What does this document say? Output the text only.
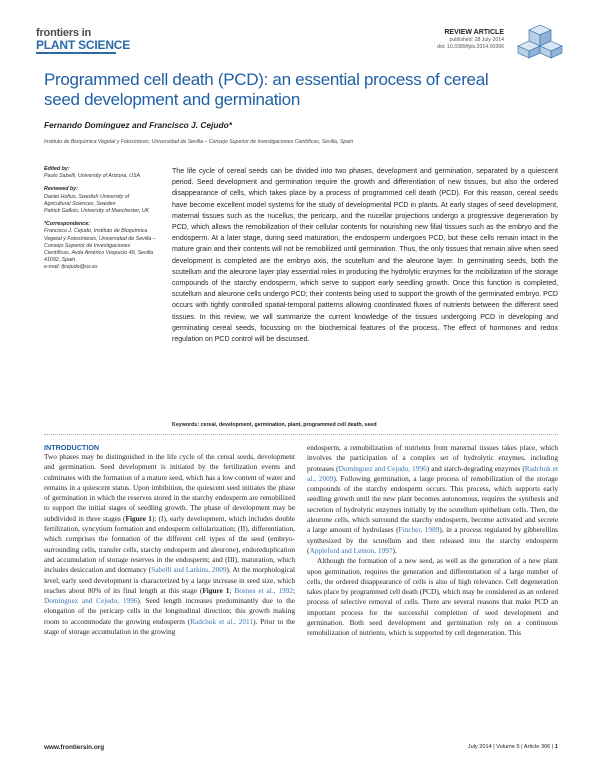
frontiers in
PLANT SCIENCE
REVIEW ARTICLE
published: 28 July 2014
doi: 10.3389/fpls.2014.00366
Programmed cell death (PCD): an essential process of cereal seed development and germination
Fernando Domínguez and Francisco J. Cejudo*
Instituto de Bioquímica Vegetal y Fotosíntesis, Universidad de Sevilla – Consejo Superior de Investigaciones Científicas, Sevilla, Spain
Edited by:
Paolo Sabelli, University of Arizona, USA
Reviewed by:
Daniel Hofius, Swedish University of Agricultural Sciences, Sweden
Patrick Gallois, University of Manchester, UK
*Correspondence:
Francisco J. Cejudo, Instituto de Bioquímica Vegetal y Fotosíntesis, Universidad de Sevilla – Consejo Superior de Investigaciones Científicas, Avda Américo Vespucio 49, Sevilla 41092, Spain
e-mail: fjcejudo@us.es
The life cycle of cereal seeds can be divided into two phases, development and germination, separated by a quiescent period. Seed development and germination require the growth and differentiation of new tissues, but also the ordered disappearance of cells, which takes place by a process of programmed cell death (PCD). For this reason, cereal seeds have become excellent model systems for the study of developmental PCD in plants. At early stages of seed development, maternal tissues such as the nucellus, the pericarp, and the nucellar projections undergo a progressive degeneration by PCD, which allows the remobilization of their cellular contents for nourishing new filial tissues such as the embryo and the endosperm. At a later stage, during seed maturation, the endosperm undergoes PCD, but these cells remain intact in the mature grain and their contents will not be remobilized until germination. Thus, the only tissues that remain alive when seed development is completed are the embryo axis, the scutellum and the aleurone layer. In germinating seeds, both the scutellum and the aleurone layer play essential roles in producing the hydrolytic enzymes for the mobilization of the storage compounds of the starchy endosperm, which serve to support early seedling growth. Once this function is completed, scutellum and aleurone cells undergo PCD; their contents being used to support the growth of the germinated embryo. PCD occurs with tightly controlled spatial-temporal patterns allowing coordinated fluxes of nutrients between the different seed tissues. In this review, we will summarize the current knowledge of the tissues undergoing PCD in developing and germinating cereal seeds, focussing on the biochemical features of the process. The effect of hormones and redox regulation on PCD control will be discussed.
Keywords: cereal, development, germination, plant, programmed cell death, seed
INTRODUCTION

Two phases may be distinguished in the life cycle of the cereal seeds, development and germination. Seed development is initiated by the fertilization events and culminates with the formation of a mature seed, which has a low content of water and remains in a quiescent status. Upon imbibition, the quiescent seed initiates the phase of germination in which the reserves stored in the starchy endosperm are remobilized to support the initial stages of seedling growth. The phase of development may be subdivided in three stages (Figure 1): (I), early development, which includes double fertilization, syncytium formation and endosperm cellularization; (II), differentiation, which comprises the formation of the different cell types of the seed (embryo-surrounding cells, transfer cells, starchy endosperm and aleurone), endoreduplication and accumulation of storage reserves in the endosperm; and (III), maturation, which includes desiccation and dormancy (Sabelli and Larkins, 2009). At the morphological level, early seed development is characterized by a large increase in seed size, which reaches about 80% of its final length at this stage (Figure 1; Bosnes et al., 1992; Domínguez and Cejudo, 1996). Seed length increases predominantly due to the elongation of the pericarp cells in the longitudinal direction; this growth making room to accommodate the growing endosperm (Radchuk et al., 2011). Prior to the stage of storage accumulation in the growing

endosperm, a remobilization of nutrients from maternal tissues takes place, which involves the participation of a complex set of hydrolytic enzymes, including proteases (Domínguez and Cejudo, 1996) and starch-degrading enzymes (Radchuk et al., 2009). Following germination, a large process of remobilization of the storage compounds of the starchy endosperm occurs. This process, which supports early seedling growth until the new plant becomes autonomous, requires the synthesis and secretion of hydrolytic enzymes initially by the scutellum epithelium cells. Then, the aleurone cells, which surround the starchy endosperm, become activated and secrete a large amount of hydrolases (Fincher, 1989), in a process regulated by gibberellins synthesized by the scutellum and then released into the starchy endosperm (Appleford and Lenton, 1997).

Although the formation of a new seed, as well as the generation of a new plant upon germination, requires the generation and differentiation of a large number of cells, the ordered disappearance of cells is also of high relevance. Cell degeneration takes place by programmed cell death (PCD), which may be considered as an ordered process of selective removal of cells. There are several reasons that make PCD an important process for the successful completion of seed development and germination. Both seed development and germination rely on a continuous remobilization of nutrients, which is supported by cell degeneration. This

www.frontiersin.org	July 2014 | Volume 5 | Article 366 | 1
